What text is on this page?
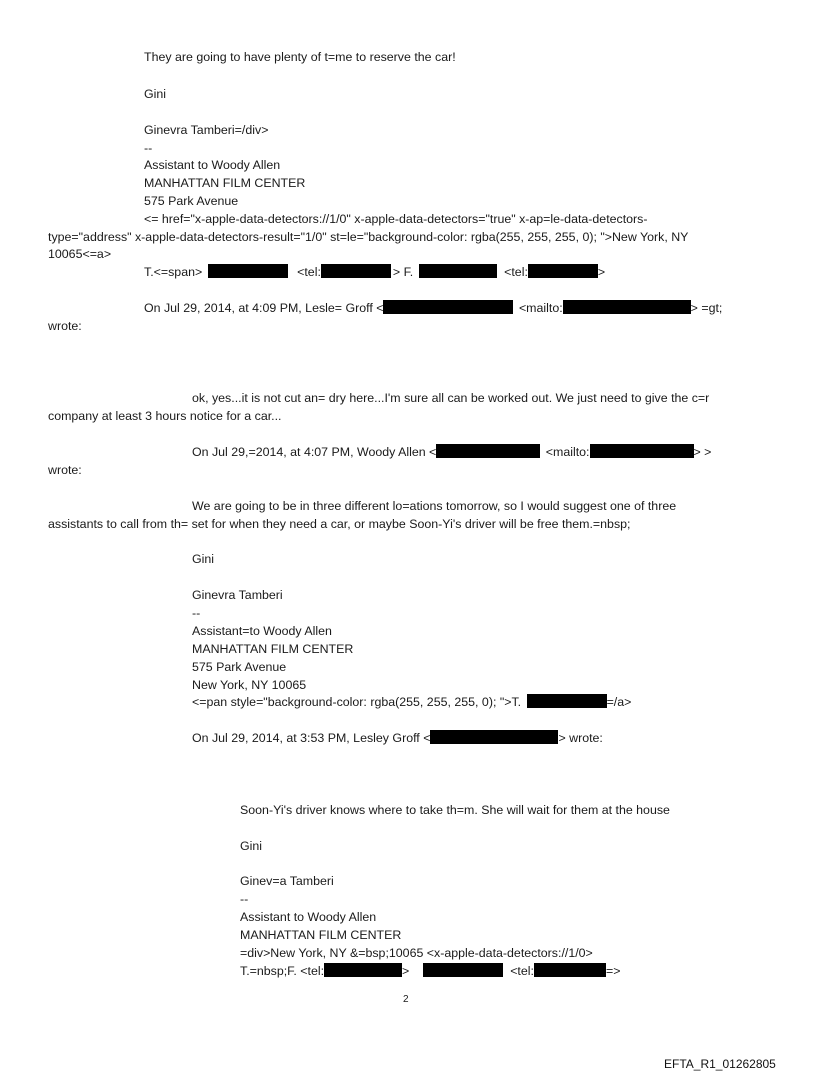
They are going to have plenty of t=me to reserve the car!
Gini
Ginevra Tamberi=/div>
--
Assistant to Woody Allen
MANHATTAN FILM CENTER
575 Park Avenue
<= href="x-apple-data-detectors://1/0" x-apple-data-detectors="true" x-ap=le-data-detectors-
type="address" x-apple-data-detectors-result="1/0" st=le="background-color: rgba(255, 255, 255, 0); ">New York, NY
10065<=a>
T.<=span>	<tel:	> F.	<tel:	>
On Jul 29, 2014, at 4:09 PM, Lesle= Groff <	<mailto:	> =gt;
wrote:
ok, yes...it is not cut an= dry here...I'm sure all can be worked out. We just need to give the c=r
company at least 3 hours notice for a car...
On Jul 29,=2014, at 4:07 PM, Woody Allen <	<mailto:	> >
wrote:
We are going to be in three different lo=ations tomorrow, so I would suggest one of three
assistants to call from th= set for when they need a car, or maybe Soon-Yi's driver will be free them.=nbsp;
Gini
Ginevra Tamberi
--
Assistant=to Woody Allen
MANHATTAN FILM CENTER
575 Park Avenue
New York, NY 10065
<=pan style="background-color: rgba(255, 255, 255, 0); ">T.	=/a>
On Jul 29, 2014, at 3:53 PM, Lesley Groff <	> wrote:
Soon-Yi's driver knows where to take th=m. She will wait for them at the house
Gini
Ginev=a Tamberi
--
Assistant to Woody Allen
MANHATTAN FILM CENTER
=div>New York, NY &=bsp;10065 <x-apple-data-detectors://1/0>
T.=nbsp;F. <tel:	>	<tel:	=>
2
EFTA_R1_01262805
